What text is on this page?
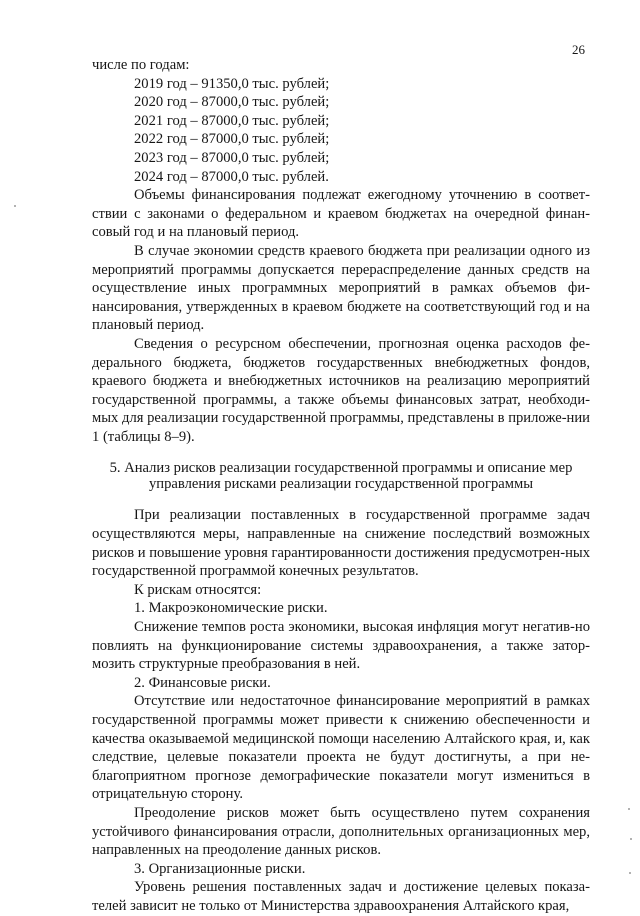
26

числе по годам:

2019 год – 91350,0 тыс. рублей;

2020 год – 87000,0 тыс. рублей;

2021 год – 87000,0 тыс. рублей;

2022 год – 87000,0 тыс. рублей;

2023 год – 87000,0 тыс. рублей;

2024 год – 87000,0 тыс. рублей.

Объемы финансирования подлежат ежегодному уточнению в соответ-ствии с законами о федеральном и краевом бюджетах на очередной финан-совый год и на плановый период.

В случае экономии средств краевого бюджета при реализации одного из мероприятий программы допускается перераспределение данных средств на осуществление иных программных мероприятий в рамках объемов фи-нансирования, утвержденных в краевом бюджете на соответствующий год и на плановый период.

Сведения о ресурсном обеспечении, прогнозная оценка расходов фе-дерального бюджета, бюджетов государственных внебюджетных фондов, краевого бюджета и внебюджетных источников на реализацию мероприятий государственной программы, а также объемы финансовых затрат, необходи-мых для реализации государственной программы, представлены в приложе-нии 1 (таблицы 8–9).

5. Анализ рисков реализации государственной программы и описание мер
управления рисками реализации государственной программы

При реализации поставленных в государственной программе задач осуществляются меры, направленные на снижение последствий возможных рисков и повышение уровня гарантированности достижения предусмотрен-ных государственной программой конечных результатов.

К рискам относятся:

1. Макроэкономические риски.

Снижение темпов роста экономики, высокая инфляция могут негатив-но повлиять на функционирование системы здравоохранения, а также затор-мозить структурные преобразования в ней.

2. Финансовые риски.

Отсутствие или недостаточное финансирование мероприятий в рамках государственной программы может привести к снижению обеспеченности и качества оказываемой медицинской помощи населению Алтайского края, и, как следствие, целевые показатели проекта не будут достигнуты, а при не-благоприятном прогнозе демографические показатели могут измениться в отрицательную сторону.

Преодоление рисков может быть осуществлено путем сохранения устойчивого финансирования отрасли, дополнительных организационных мер, направленных на преодоление данных рисков.

3. Организационные риски.

Уровень решения поставленных задач и достижение целевых показа-телей зависит не только от Министерства здравоохранения Алтайского края,
